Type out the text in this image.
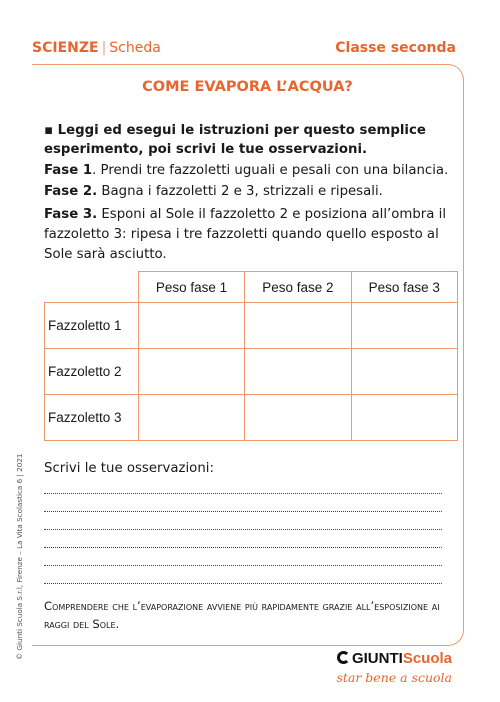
SCIENZE | Scheda	Classe seconda
COME EVAPORA L’ACQUA?
▪ Leggi ed esegui le istruzioni per questo semplice esperimento, poi scrivi le tue osservazioni.
Fase 1. Prendi tre fazzoletti uguali e pesali con una bilancia.
Fase 2. Bagna i fazzoletti 2 e 3, strizzali e ripesali.
Fase 3. Esponi al Sole il fazzoletto 2 e posiziona all’ombra il fazzoletto 3: ripesa i tre fazzoletti quando quello esposto al Sole sarà asciutto.
	Peso fase 1	Peso fase 2	Peso fase 3
Fazzoletto 1			
Fazzoletto 2			
Fazzoletto 3			
Scrivi le tue osservazioni:
Comprendere che l’evaporazione avviene più rapidamente grazie all’esposizione ai raggi del Sole.
© Giunti Scuola S.r.l, Firenze – La Vita Scolastica 6 | 2021	GIUNTIScuola
star bene a scuola
